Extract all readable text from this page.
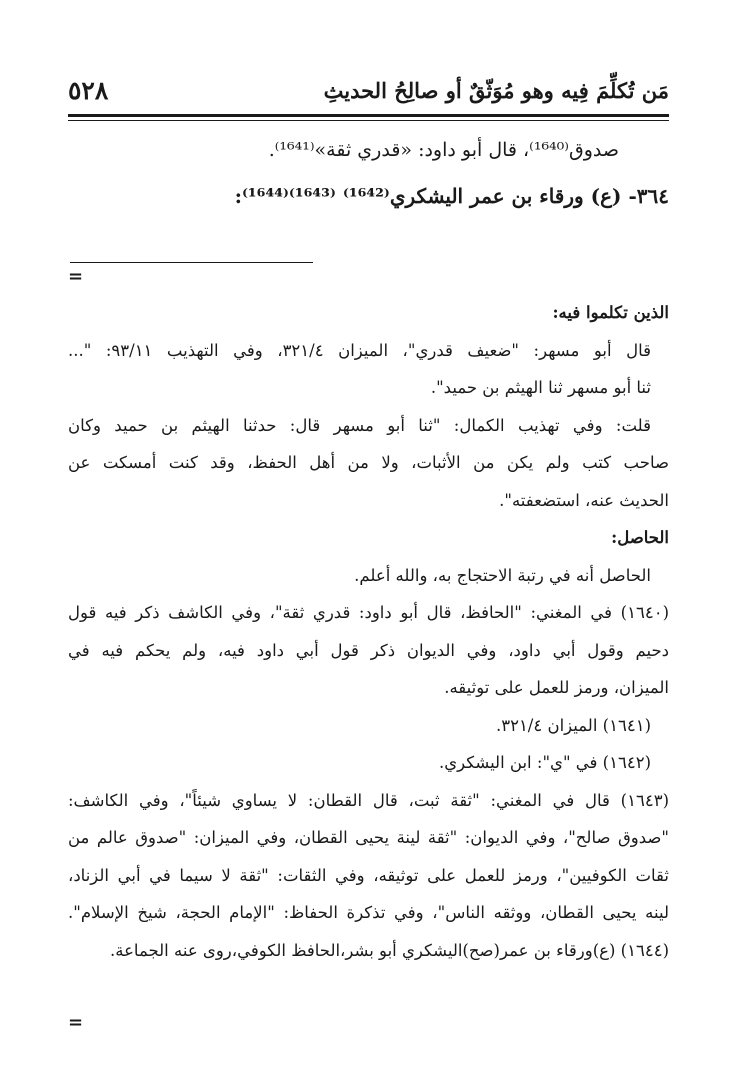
مَن تُكلِّمَ فِيه وهو مُوَثّقٌ أو صالِحُ الحديثِ
٥٢٨
صدوق⁽¹⁶⁴⁰⁾، قال أبو داود: «قدري ثقة»⁽¹⁶⁴¹⁾.
٣٦٤- (ع) ورقاء بن عمر اليشكري⁽¹⁶⁴²⁾ ⁽¹⁶⁴³⁾⁽¹⁶⁴⁴⁾:
=
الذين تكلموا فيه:
قال أبو مسهر: "ضعيف قدري"، الميزان ٣٢١/٤، وفي التهذيب ٩٣/١١: "...
ثنا أبو مسهر ثنا الهيثم بن حميد".
قلت: وفي تهذيب الكمال: "ثنا أبو مسهر قال: حدثنا الهيثم بن حميد وكان
صاحب كتب ولم يكن من الأثبات، ولا من أهل الحفظ، وقد كنت أمسكت عن
الحديث عنه، استضعفته".
الحاصل:
الحاصل أنه في رتبة الاحتجاج به، والله أعلم.
(١٦٤٠) في المغني: "الحافظ، قال أبو داود: قدري ثقة"، وفي الكاشف ذكر فيه قول
دحيم وقول أبي داود، وفي الديوان ذكر قول أبي داود فيه، ولم يحكم فيه في
الميزان، ورمز للعمل على توثيقه.
(١٦٤١) الميزان ٣٢١/٤.
(١٦٤٢) في "ي": ابن اليشكري.
(١٦٤٣) قال في المغني: "ثقة ثبت، قال القطان: لا يساوي شيئاً"، وفي الكاشف:
"صدوق صالح"، وفي الديوان: "ثقة لينة يحيى القطان، وفي الميزان: "صدوق عالم من
ثقات الكوفيين"، ورمز للعمل على توثيقه، وفي الثقات: "ثقة لا سيما في أبي الزناد،
لينه يحيى القطان، ووثقه الناس"، وفي تذكرة الحفاظ: "الإمام الحجة، شيخ الإسلام".
(١٦٤٤) (ع)ورقاء بن عمر(صح)اليشكري أبو بشر،الحافظ الكوفي،روى عنه الجماعة.
=
